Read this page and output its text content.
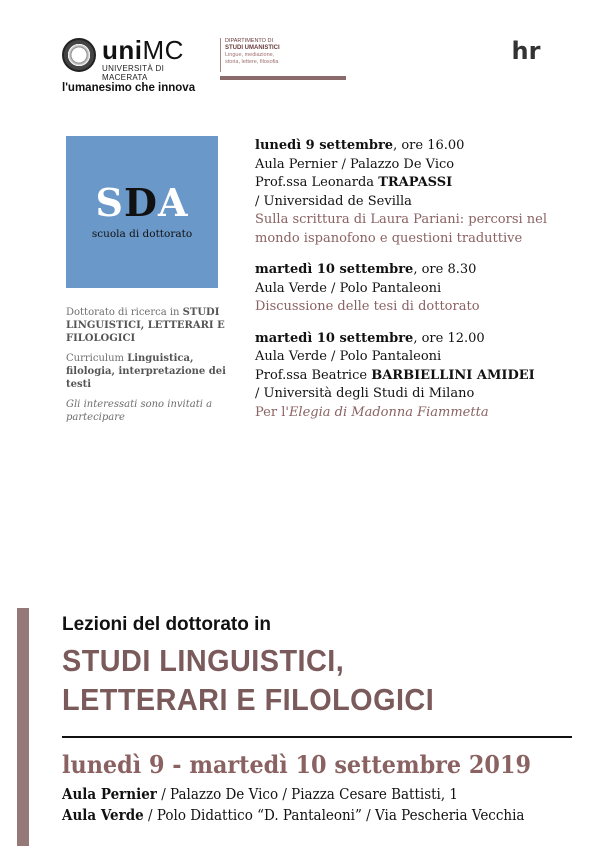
uniMC
UNIVERSITÀ DI MACERATA
l'umanesimo che innova
DIPARTIMENTO DI
STUDI UMANISTICI
Lingue, mediazione,
storia, lettere, filosofia	hr

SDA
scuola di dottorato

Dottorato di ricerca in STUDI LINGUISTICI, LETTERARI E FILOLOGICI

Curriculum Linguistica, filologia, interpretazione dei testi

Gli interessati sono invitati a partecipare

lunedì 9 settembre, ore 16.00
Aula Pernier / Palazzo De Vico
Prof.ssa Leonarda TRAPASSI
/ Universidad de Sevilla
Sulla scrittura di Laura Pariani: percorsi nel mondo ispanofono e questioni traduttive
martedì 10 settembre, ore 8.30
Aula Verde / Polo Pantaleoni
Discussione delle tesi di dottorato
martedì 10 settembre, ore 12.00
Aula Verde / Polo Pantaleoni
Prof.ssa Beatrice BARBIELLINI AMIDEI
/ Università degli Studi di Milano
Per l'Elegia di Madonna Fiammetta
Lezioni del dottorato in
STUDI LINGUISTICI,
LETTERARI E FILOLOGICI
lunedì 9 - martedì 10 settembre 2019
Aula Pernier / Palazzo De Vico / Piazza Cesare Battisti, 1
Aula Verde / Polo Didattico “D. Pantaleoni” / Via Pescheria Vecchia
